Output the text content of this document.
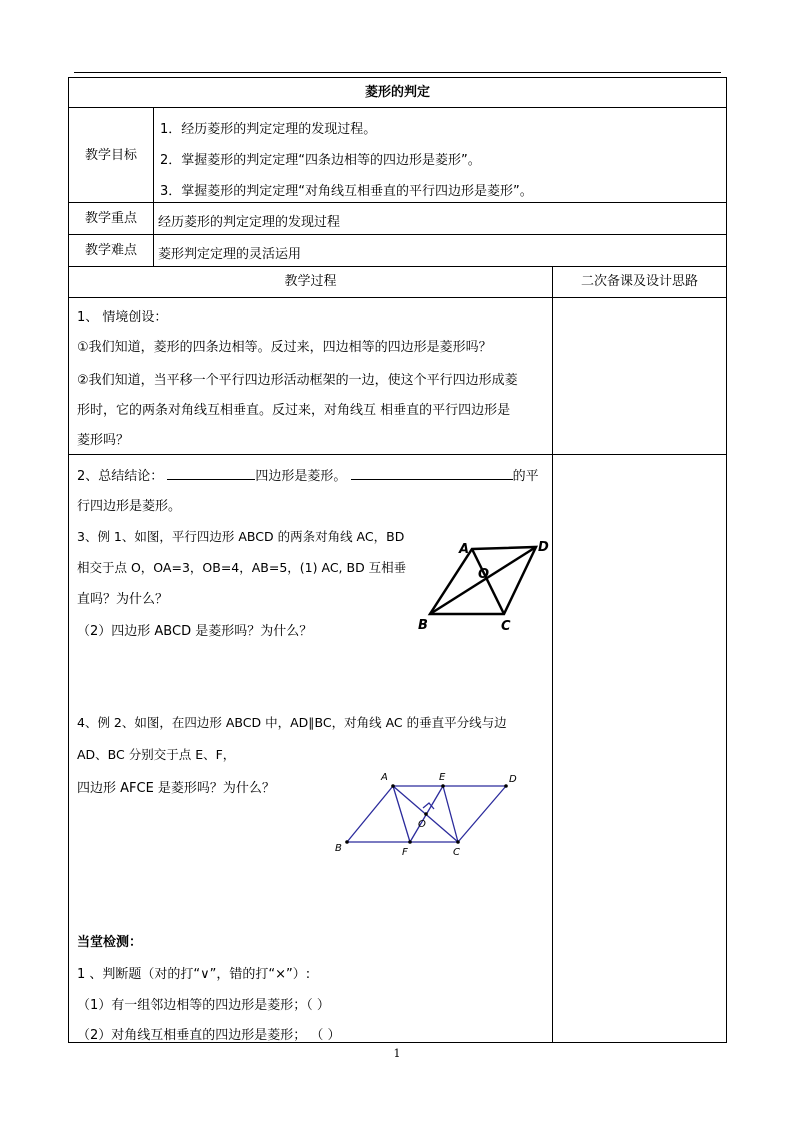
菱形的判定
教学目标
1．经历菱形的判定定理的发现过程。
2．掌握菱形的判定定理“四条边相等的四边形是菱形”。
3．掌握菱形的判定定理“对角线互相垂直的平行四边形是菱形”。
教学重点	经历菱形的判定定理的发现过程
教学难点	菱形判定定理的灵活运用
教学过程	二次备课及设计思路
1、 情境创设：
①我们知道，菱形的四条边相等。反过来，四边相等的四边形是菱形吗？
②我们知道，当平移一个平行四边形活动框架的一边，使这个平行四边形成菱
形时，它的两条对角线互相垂直。反过来，对角线互 相垂直的平行四边形是
菱形吗？
2、总结结论：	四边形是菱形。	的平
行四边形是菱形。
3、例 1、如图，平行四边形 ABCD 的两条对角线 AC，BD
相交于点 O，OA=3，OB=4，AB=5，(1) AC, BD 互相垂
直吗？为什么？
（2）四边形 ABCD 是菱形吗？为什么？
A	D
O
B	C
4、例 2、如图，在四边形 ABCD 中，AD∥BC，对角线 AC 的垂直平分线与边
AD、BC 分别交于点 E、F，
四边形 AFCE 是菱形吗？为什么？
A	E	D
B	F	C
O
当堂检测：
1 、判断题（对的打“∨”，错的打“×”）:
（1）有一组邻边相等的四边形是菱形；（ ）
（2）对角线互相垂直的四边形是菱形； （ ）
1
